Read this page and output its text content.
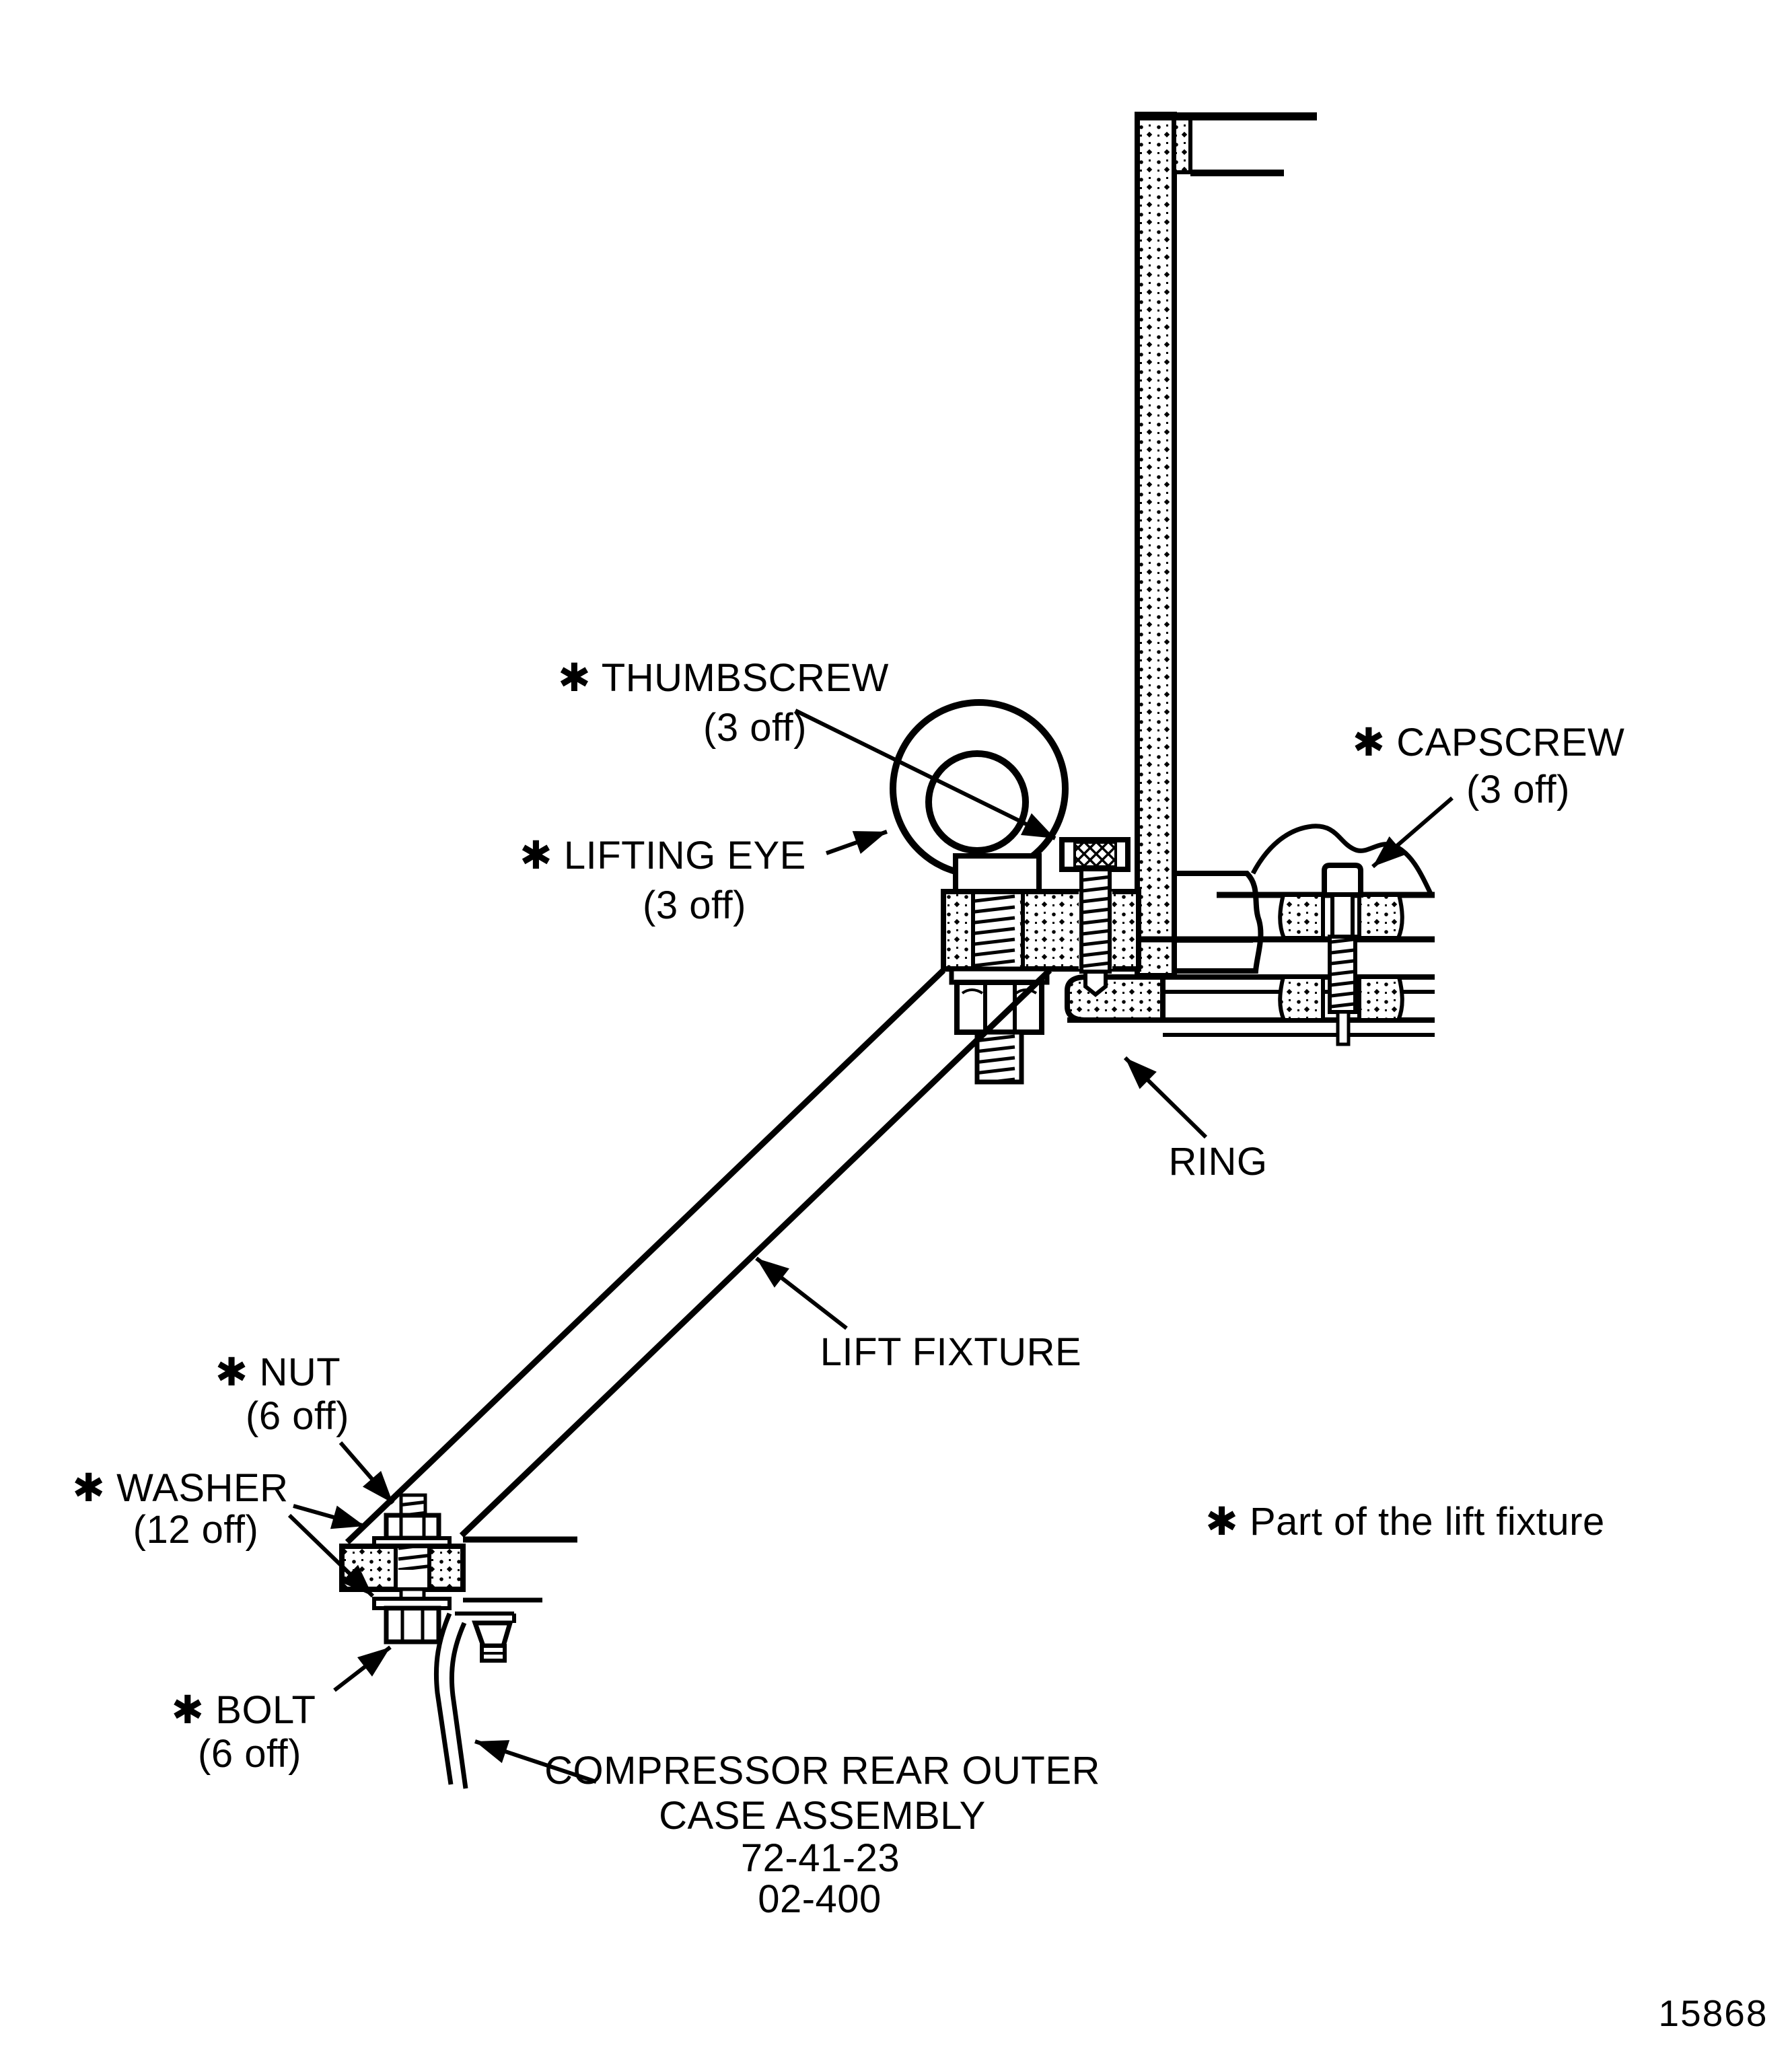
✱ THUMBSCREW
(3 off)	✱ CAPSCREW
(3 off)
✱ LIFTING EYE
(3 off)
RING
LIFT FIXTURE
✱ NUT
(6 off)
✱ WASHER
(12 off)
✱ BOLT
(6 off)	COMPRESSOR REAR OUTER
CASE ASSEMBLY
72-41-23
02-400
✱ Part of the lift fixture
15868
